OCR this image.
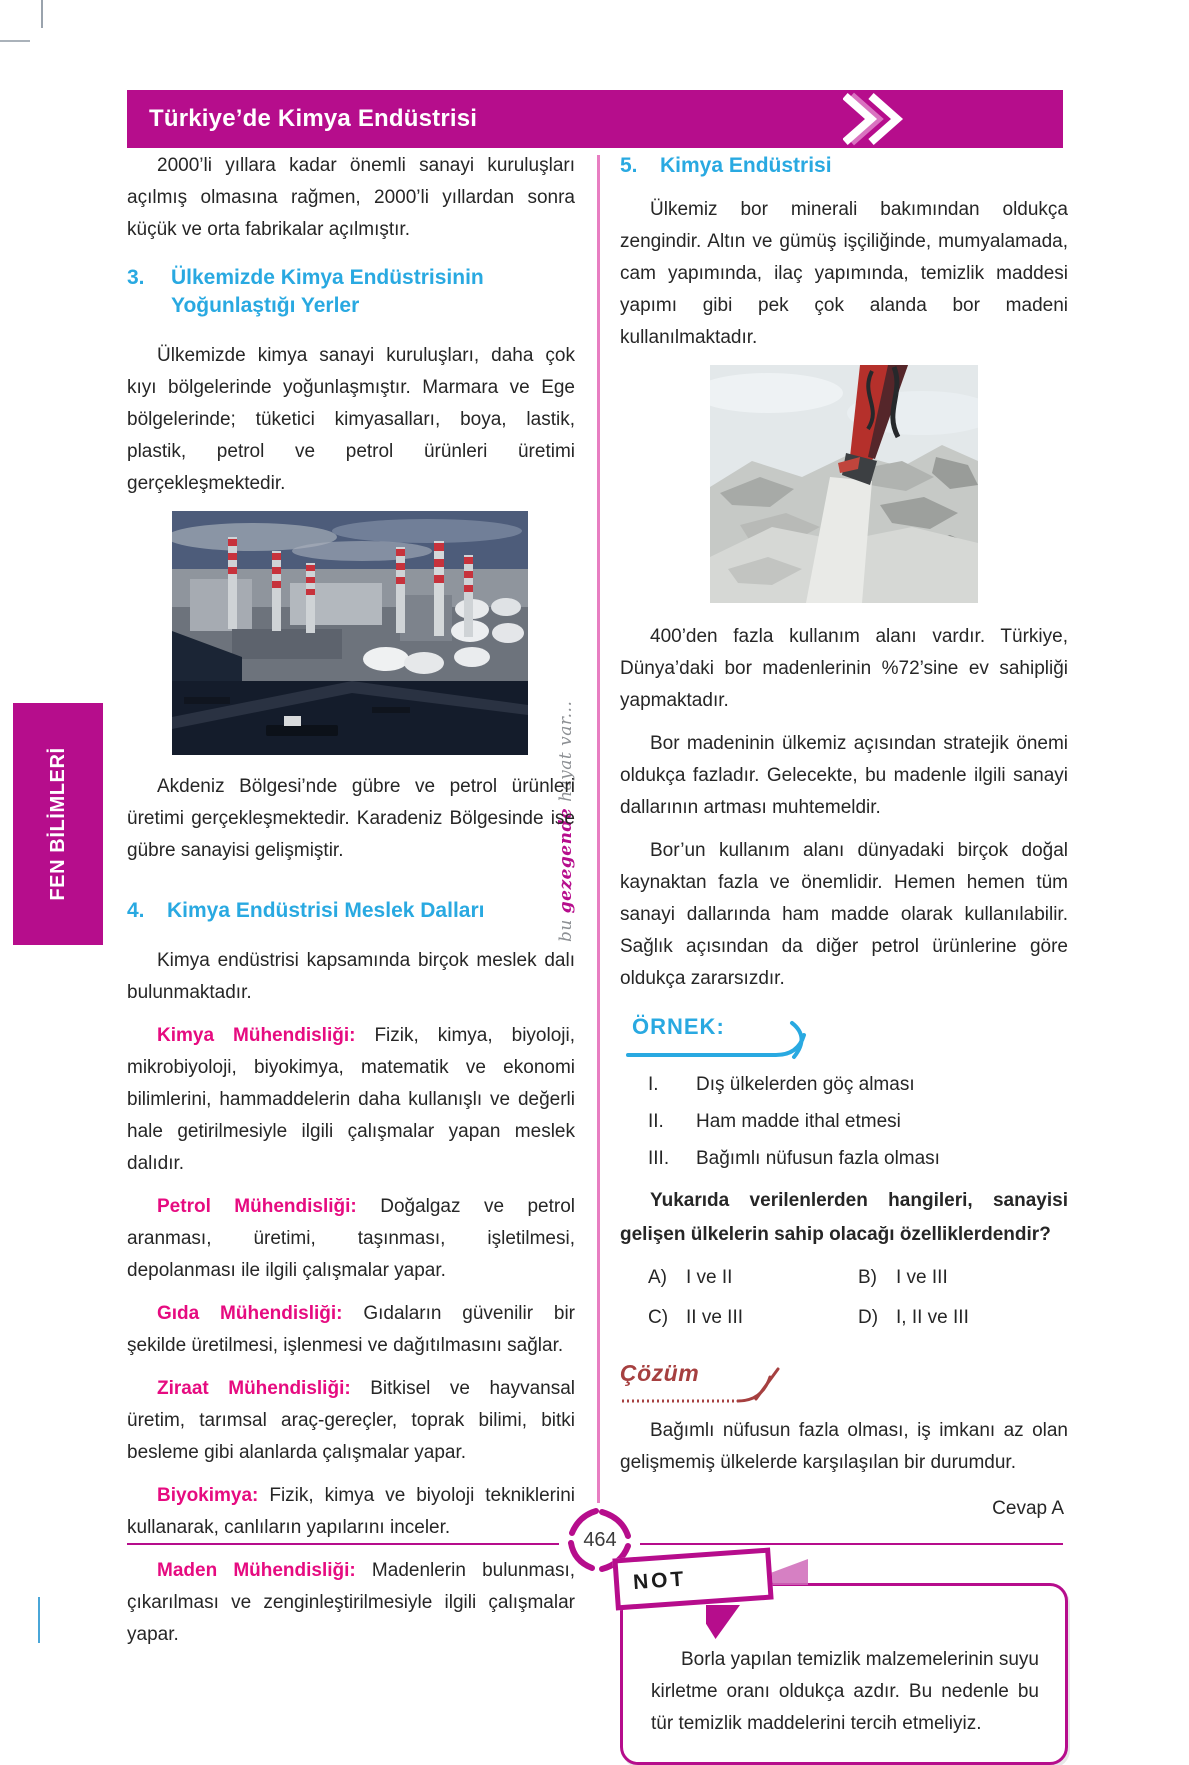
Türkiye’de Kimya Endüstrisi
FEN BİLİMLERİ
bu gezegende hayat var...

2000’li yıllara kadar önemli sanayi kuruluşları açılmış olmasına rağmen, 2000’li yıllardan sonra küçük ve orta fabrikalar açılmıştır.

3.	Ülkemizde Kimya Endüstrisinin Yoğunlaştığı Yerler

Ülkemizde kimya sanayi kuruluşları, daha çok kıyı bölgelerinde yoğunlaşmıştır. Marmara ve Ege bölgelerinde; tüketici kimyasalları, boya, lastik, plastik, petrol ve petrol ürünleri üretimi gerçekleşmektedir.

Akdeniz Bölgesi’nde gübre ve petrol ürünleri üretimi gerçekleşmektedir. Karadeniz Bölgesinde ise gübre sanayisi gelişmiştir.

4.	Kimya Endüstrisi Meslek Dalları

Kimya endüstrisi kapsamında birçok meslek dalı bulunmaktadır.

Kimya Mühendisliği: Fizik, kimya, biyoloji, mikrobiyoloji, biyokimya, matematik ve ekonomi bilimlerini, hammaddelerin daha kullanışlı ve değerli hale getirilmesiyle ilgili çalışmalar yapan meslek dalıdır.

Petrol Mühendisliği: Doğalgaz ve petrol aranması, üretimi, taşınması, işletilmesi, depolanması ile ilgili çalışmalar yapar.

Gıda Mühendisliği: Gıdaların güvenilir bir şekilde üretilmesi, işlenmesi ve dağıtılmasını sağlar.

Ziraat Mühendisliği: Bitkisel ve hayvansal üretim, tarımsal araç-gereçler, toprak bilimi, bitki besleme gibi alanlarda çalışmalar yapar.

Biyokimya: Fizik, kimya ve biyoloji tekniklerini kullanarak, canlıların yapılarını inceler.

Maden Mühendisliği: Madenlerin bulunması, çıkarılması ve zenginleştirilmesiyle ilgili çalışmalar yapar.

5.	Kimya Endüstrisi

Ülkemiz bor minerali bakımından oldukça zengindir. Altın ve gümüş işçiliğinde, mumyalamada, cam yapımında, ilaç yapımında, temizlik maddesi yapımı gibi pek çok alanda bor madeni kullanılmaktadır.

400’den fazla kullanım alanı vardır. Türkiye, Dünya’daki bor madenlerinin %72’sine ev sahipliği yapmaktadır.

Bor madeninin ülkemiz açısından stratejik önemi oldukça fazladır. Gelecekte, bu madenle ilgili sanayi dallarının artması muhtemeldir.

Bor’un kullanım alanı dünyadaki birçok doğal kaynaktan fazla ve önemlidir. Hemen hemen tüm sanayi dallarında ham madde olarak kullanılabilir. Sağlık açısından da diğer petrol ürünlerine göre oldukça zararsızdır.

ÖRNEK:
I.	Dış ülkelerden göç alması
II.	Ham madde ithal etmesi
III.	Bağımlı nüfusun fazla olması

Yukarıda verilenlerden hangileri, sanayisi gelişen ülkelerin sahip olacağı özelliklerdendir?

A)	I ve II	B)	I ve III
C) II ve III	D) I, II ve III
Çözüm

Bağımlı nüfusun fazla olması, iş imkanı az olan gelişmemiş ülkelerde karşılaşılan bir durumdur.

Cevap A
NOT

Borla yapılan temizlik malzemelerinin suyu kirletme oranı oldukça azdır. Bu nedenle bu tür temizlik maddelerini tercih etmeliyiz.

464
